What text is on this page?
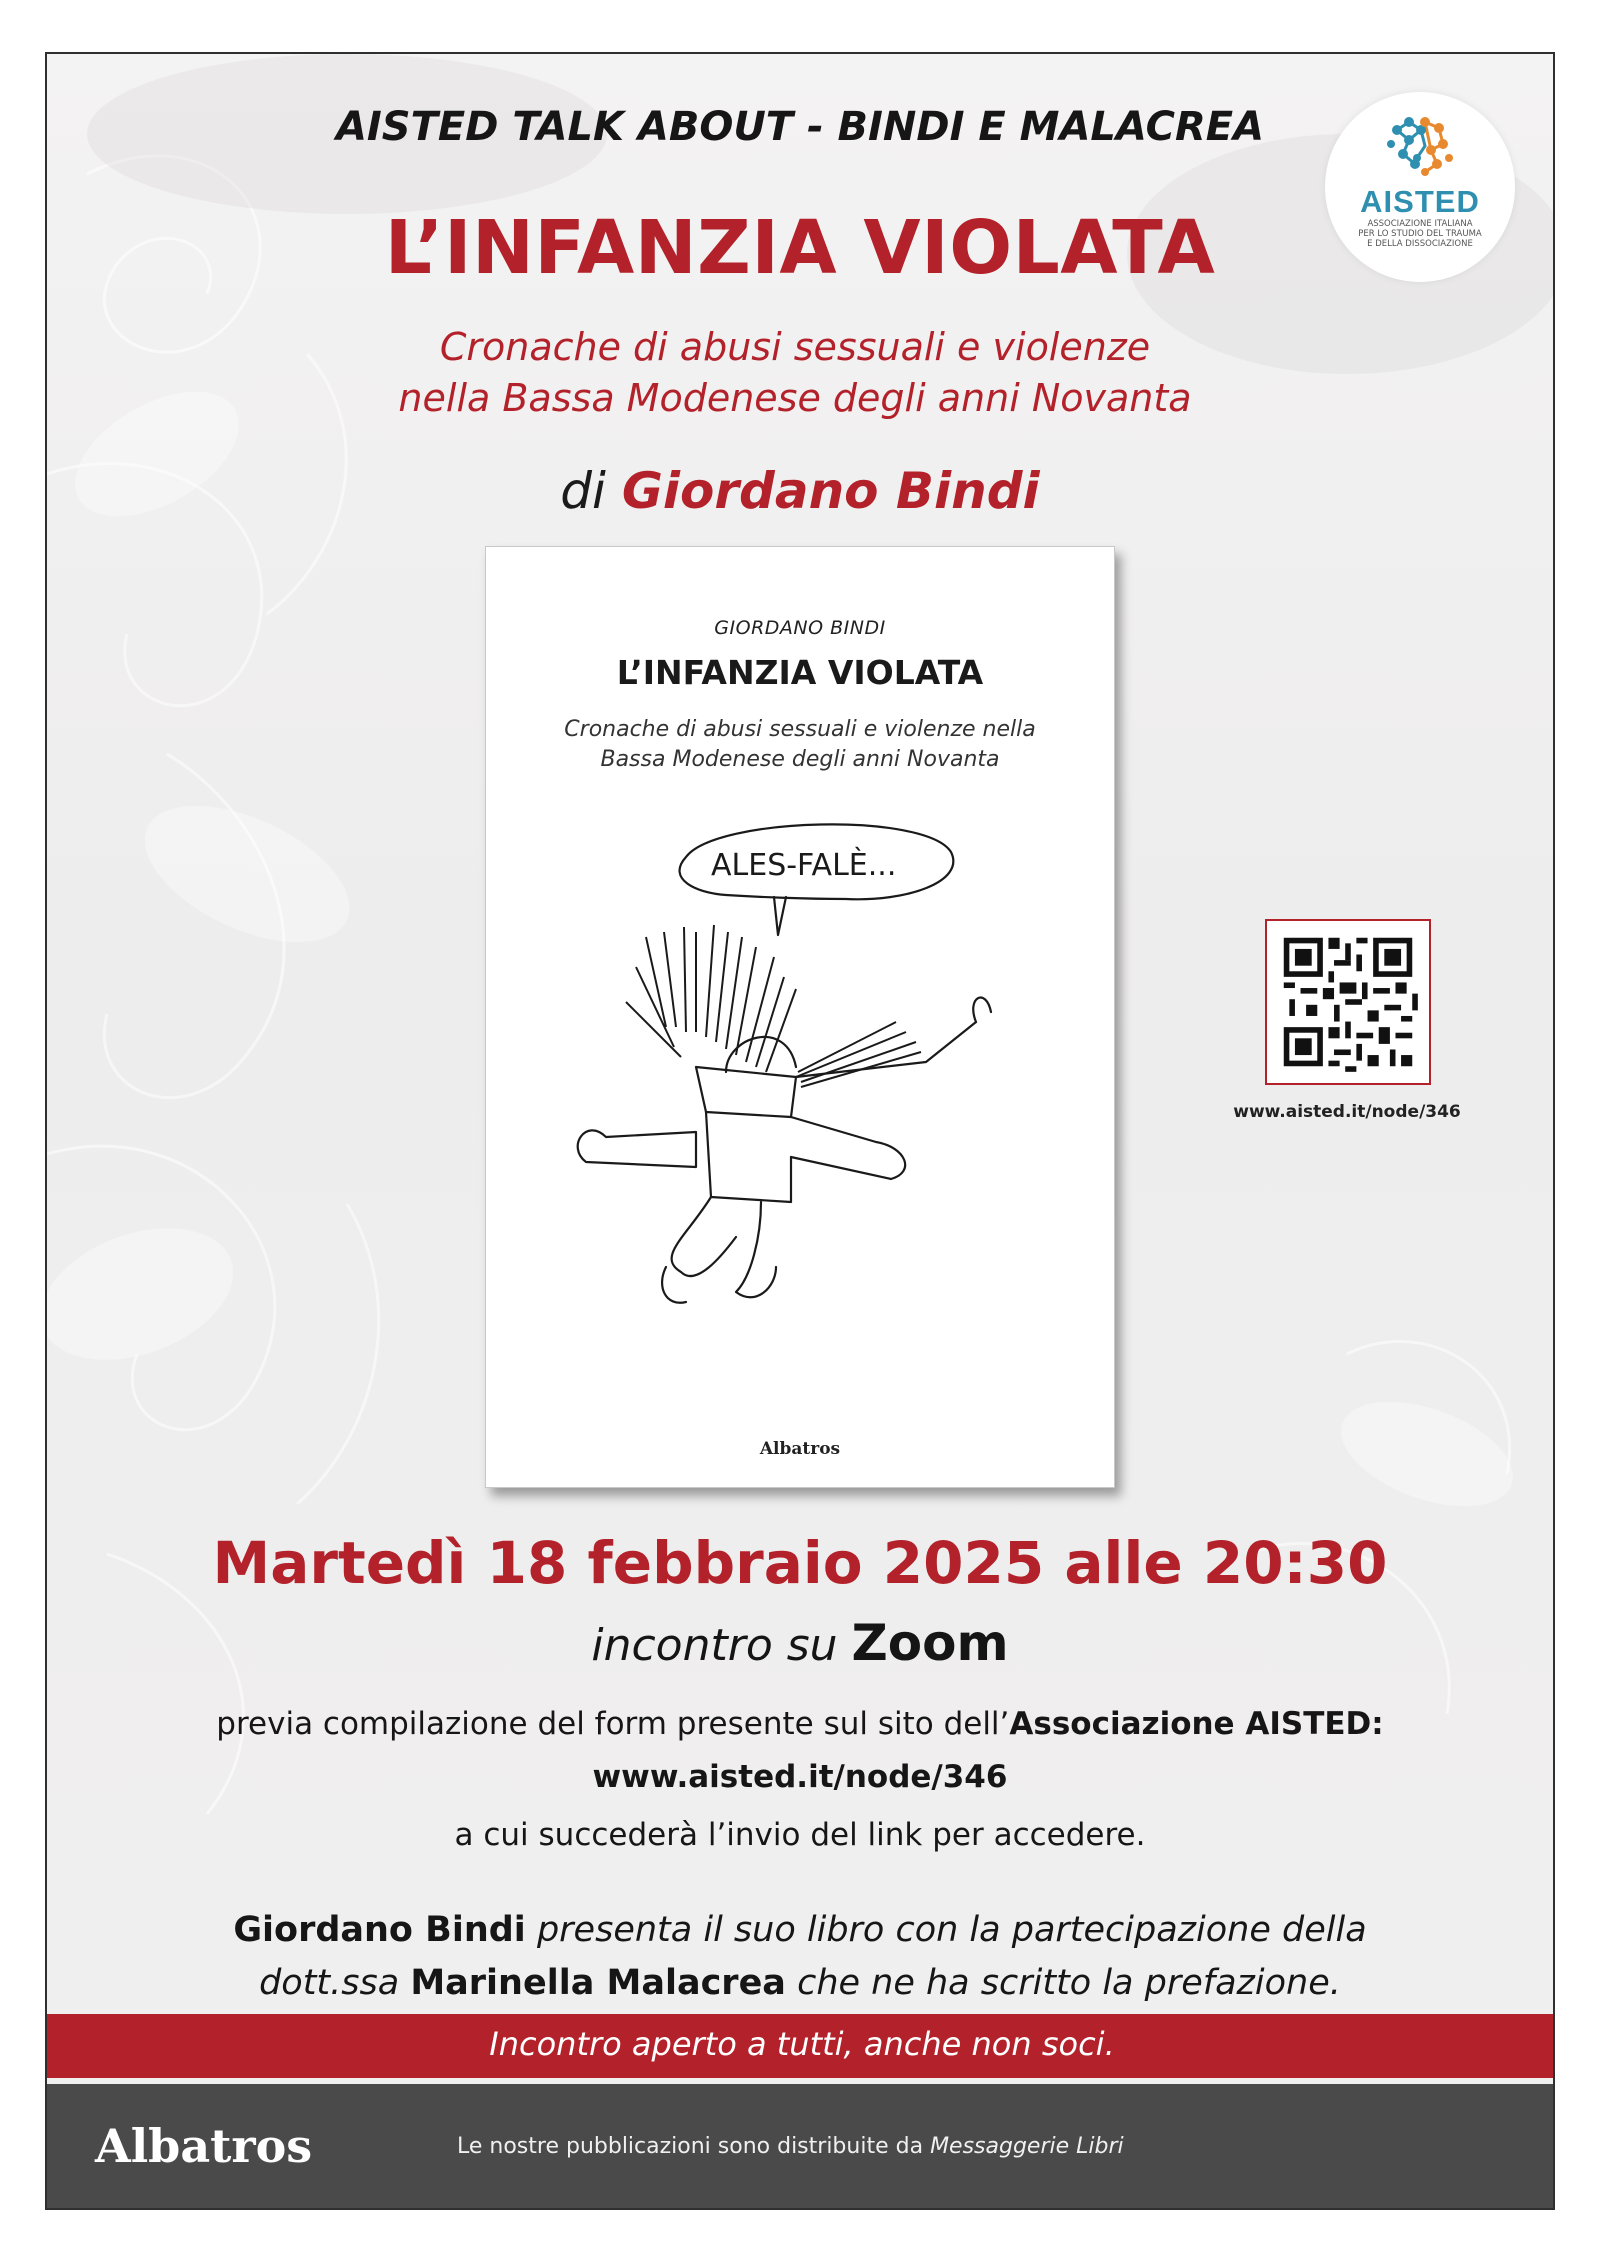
AISTED TALK ABOUT - BINDI E MALACREA
L’INFANZIA VIOLATA
Cronache di abusi sessuali e violenze
nella Bassa Modenese degli anni Novanta
di Giordano Bindi
AISTED
ASSOCIAZIONE ITALIANA
PER LO STUDIO DEL TRAUMA
E DELLA DISSOCIAZIONE
GIORDANO BINDI
L’INFANZIA VIOLATA
Cronache di abusi sessuali e violenze nella
Bassa Modenese degli anni Novanta
ALES-FALÈ...
Albatros
www.aisted.it/node/346
Martedì 18 febbraio 2025 alle 20:30
incontro su Zoom
previa compilazione del form presente sul sito dell’Associazione AISTED:
www.aisted.it/node/346
a cui succederà l’invio del link per accedere.
Giordano Bindi presenta il suo libro con la partecipazione della
dott.ssa Marinella Malacrea che ne ha scritto la prefazione.
Incontro aperto a tutti, anche non soci.
Albatros	Le nostre pubblicazioni sono distribuite da Messaggerie Libri
